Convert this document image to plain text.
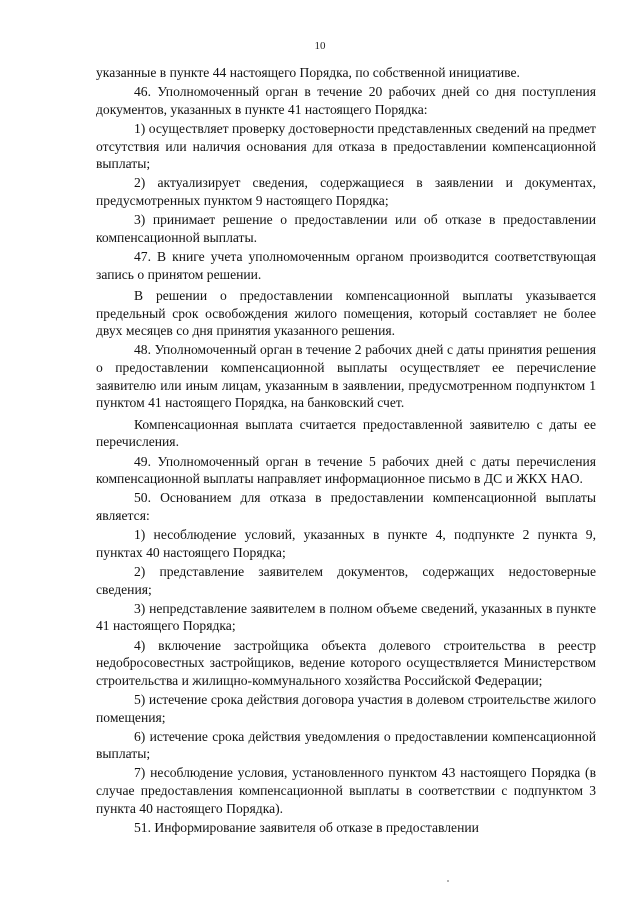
10

указанные в пункте 44 настоящего Порядка, по собственной инициативе.

46. Уполномоченный орган в течение 20 рабочих дней со дня поступления документов, указанных в пункте 41 настоящего Порядка:

1) осуществляет проверку достоверности представленных сведений на предмет отсутствия или наличия основания для отказа в предоставлении компенсационной выплаты;

2) актуализирует сведения, содержащиеся в заявлении и документах, предусмотренных пунктом 9 настоящего Порядка;

3) принимает решение о предоставлении или об отказе в предоставлении компенсационной выплаты.

47. В книге учета уполномоченным органом производится соответствующая запись о принятом решении.

В решении о предоставлении компенсационной выплаты указывается предельный срок освобождения жилого помещения, который составляет не более двух месяцев со дня принятия указанного решения.

48. Уполномоченный орган в течение 2 рабочих дней с даты принятия решения о предоставлении компенсационной выплаты осуществляет ее перечисление заявителю или иным лицам, указанным в заявлении, предусмотренном подпунктом 1 пунктом 41 настоящего Порядка, на банковский счет.

Компенсационная выплата считается предоставленной заявителю с даты ее перечисления.

49. Уполномоченный орган в течение 5 рабочих дней с даты перечисления компенсационной выплаты направляет информационное письмо в ДС и ЖКХ НАО.

50. Основанием для отказа в предоставлении компенсационной выплаты является:

1) несоблюдение условий, указанных в пункте 4, подпункте 2 пункта 9, пунктах 40 настоящего Порядка;

2) представление заявителем документов, содержащих недостоверные сведения;

3) непредставление заявителем в полном объеме сведений, указанных в пункте 41 настоящего Порядка;

4) включение застройщика объекта долевого строительства в реестр недобросовестных застройщиков, ведение которого осуществляется Министерством строительства и жилищно-коммунального хозяйства Российской Федерации;

5) истечение срока действия договора участия в долевом строительстве жилого помещения;

6) истечение срока действия уведомления о предоставлении компенсационной выплаты;

7) несоблюдение условия, установленного пунктом 43 настоящего Порядка (в случае предоставления компенсационной выплаты в соответствии с подпунктом 3 пункта 40 настоящего Порядка).

51. Информирование заявителя об отказе в предоставлении
